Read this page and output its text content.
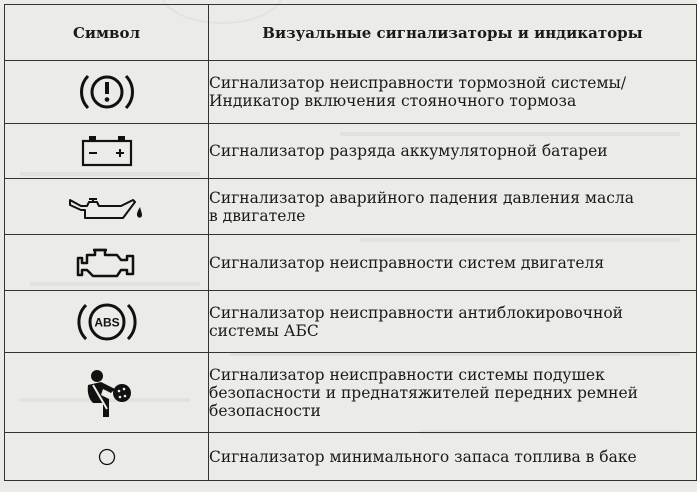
Символ	Визуальные сигнализаторы и индикаторы

Сигнализатор неисправности тормозной системы/
Индикатор включения стояночного тормоза

Сигнализатор разряда аккумуляторной батареи

Сигнализатор аварийного падения давления масла
в двигателе

Сигнализатор неисправности систем двигателя

ABS	Сигнализатор неисправности антиблокировочной
системы АБС

Сигнализатор неисправности системы подушек
безопасности и преднатяжителей передних ремней
безопасности

Сигнализатор минимального запаса топлива в баке
